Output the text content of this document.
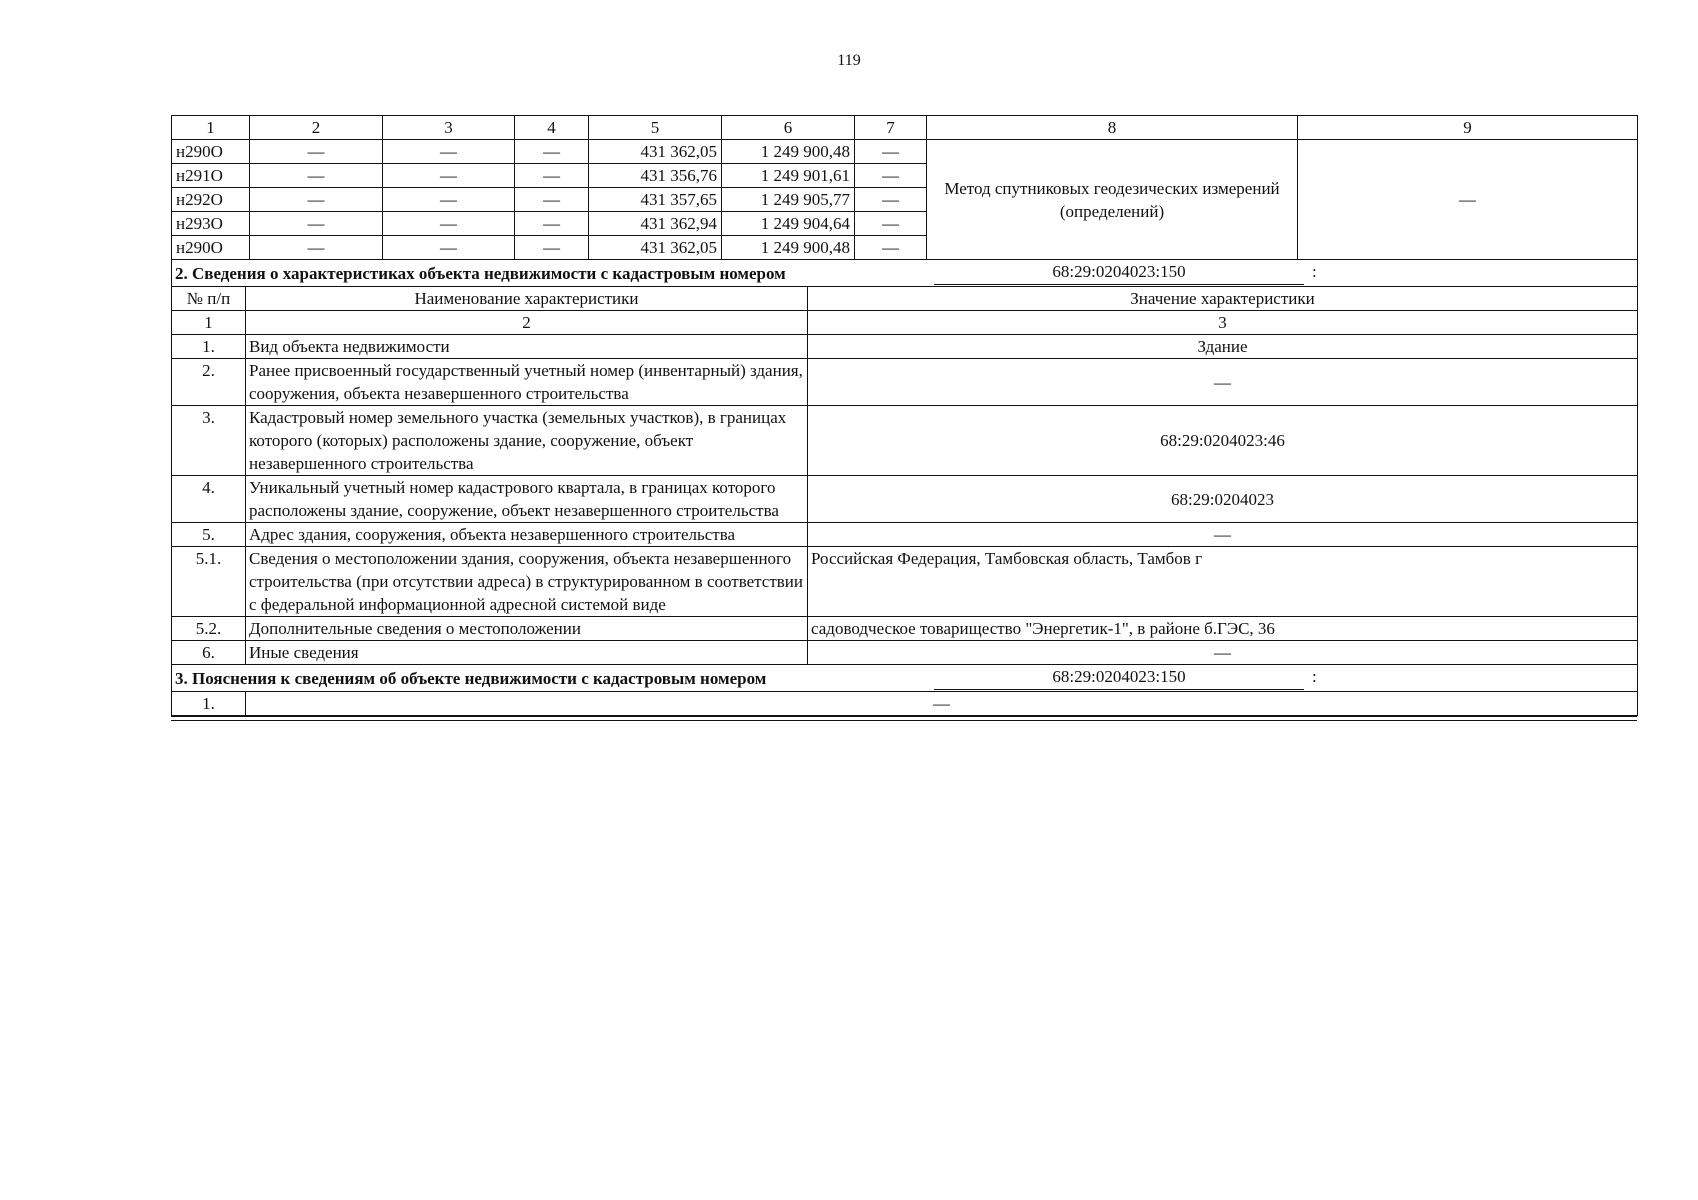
119
1	2	3	4	5	6	7	8	9
н290О	—	—	—	431 362,05	1 249 900,48	—	Метод спутниковых геодезических измерений (определений)	—
н291О	—	—	—	431 356,76	1 249 901,61	—		
н292О	—	—	—	431 357,65	1 249 905,77	—		
н293О	—	—	—	431 362,94	1 249 904,64	—		
н290О	—	—	—	431 362,05	1 249 900,48	—		
2. Сведения о характеристиках объекта недвижимости с кадастровым номером 68:29:0204023:150 :		

№ п/п	Наименование характеристики	Значение характеристики
1	2	3
1.	Вид объекта недвижимости	Здание
2.	Ранее присвоенный государственный учетный номер (инвентарный) здания, сооружения, объекта незавершенного строительства	—
3.	Кадастровый номер земельного участка (земельных участков), в границах которого (которых) расположены здание, сооружение, объект незавершенного строительства	68:29:0204023:46
4.	Уникальный учетный номер кадастрового квартала, в границах которого расположены здание, сооружение, объект незавершенного строительства	68:29:0204023
5.	Адрес здания, сооружения, объекта незавершенного строительства	—
5.1.	Сведения о местоположении здания, сооружения, объекта незавершенного строительства (при отсутствии адреса) в структурированном в соответствии с федеральной информационной адресной системой виде	Российская Федерация, Тамбовская область, Тамбов г
5.2.	Дополнительные сведения о местоположении	садоводческое товарищество "Энергетик-1", в районе б.ГЭС, 36
6.	Иные сведения	—
3. Пояснения к сведениям об объекте недвижимости с кадастровым номером 68:29:0204023:150 :		

1.	—	
